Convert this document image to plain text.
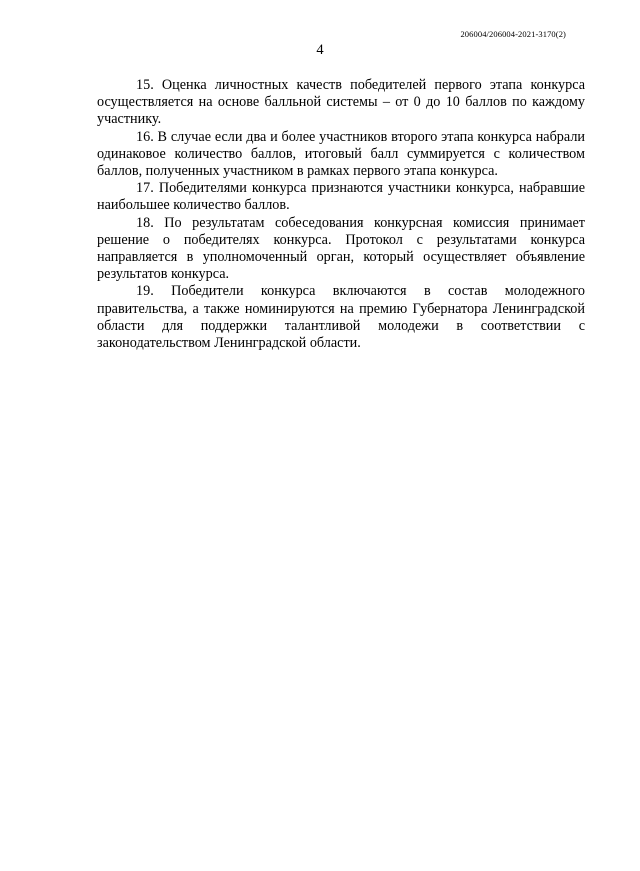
206004/206004-2021-3170(2)
4

15. Оценка личностных качеств победителей первого этапа конкурса осуществляется на основе балльной системы – от 0 до 10 баллов по каждому участнику.

16. В случае если два и более участников второго этапа конкурса набрали одинаковое количество баллов, итоговый балл суммируется с количеством баллов, полученных участником в рамках первого этапа конкурса.

17. Победителями конкурса признаются участники конкурса, набравшие наибольшее количество баллов.

18. По результатам собеседования конкурсная комиссия принимает решение о победителях конкурса. Протокол с результатами конкурса направляется в уполномоченный орган, который осуществляет объявление результатов конкурса.

19. Победители конкурса включаются в состав молодежного правительства, а также номинируются на премию Губернатора Ленинградской области для поддержки талантливой молодежи в соответствии с законодательством Ленинградской области.
